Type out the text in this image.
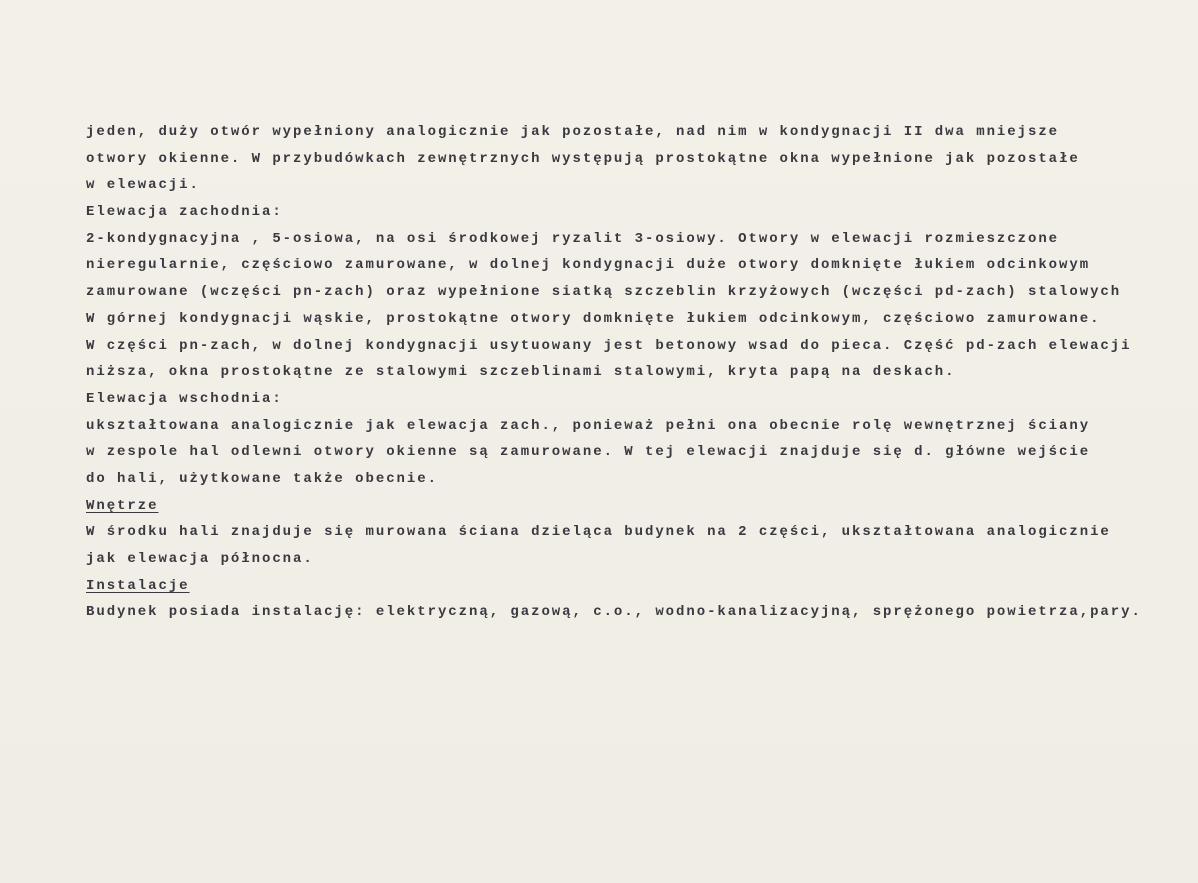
jeden, duży otwór wypełniony analogicznie jak pozostałe, nad nim w kondygnacji II dwa mniejsze
otwory okienne. W przybudówkach zewnętrznych występują prostokątne okna wypełnione jak pozostałe
w elewacji.
Elewacja zachodnia:
2-kondygnacyjna , 5-osiowa, na osi środkowej ryzalit 3-osiowy. Otwory w elewacji rozmieszczone
nieregularnie, częściowo zamurowane, w dolnej kondygnacji duże otwory domknięte łukiem odcinkowym
zamurowane (wczęści pn-zach) oraz wypełnione siatką szczeblin krzyżowych (wczęści pd-zach) stalowych
W górnej kondygnacji wąskie, prostokątne otwory domknięte łukiem odcinkowym, częściowo zamurowane.
W części pn-zach, w dolnej kondygnacji usytuowany jest betonowy wsad do pieca. Część pd-zach elewacji
niższa, okna prostokątne ze stalowymi szczeblinami stalowymi, kryta papą na deskach.
Elewacja wschodnia:
ukształtowana analogicznie jak elewacja zach., ponieważ pełni ona obecnie rolę wewnętrznej ściany
w zespole hal odlewni otwory okienne są zamurowane. W tej elewacji znajduje się d. główne wejście
do hali, użytkowane także obecnie.
Wnętrze
W środku hali znajduje się murowana ściana dzieląca budynek na 2 części, ukształtowana analogicznie
jak elewacja północna.
Instalacje
Budynek posiada instalację: elektryczną, gazową, c.o., wodno-kanalizacyjną, sprężonego powietrza,pary.
